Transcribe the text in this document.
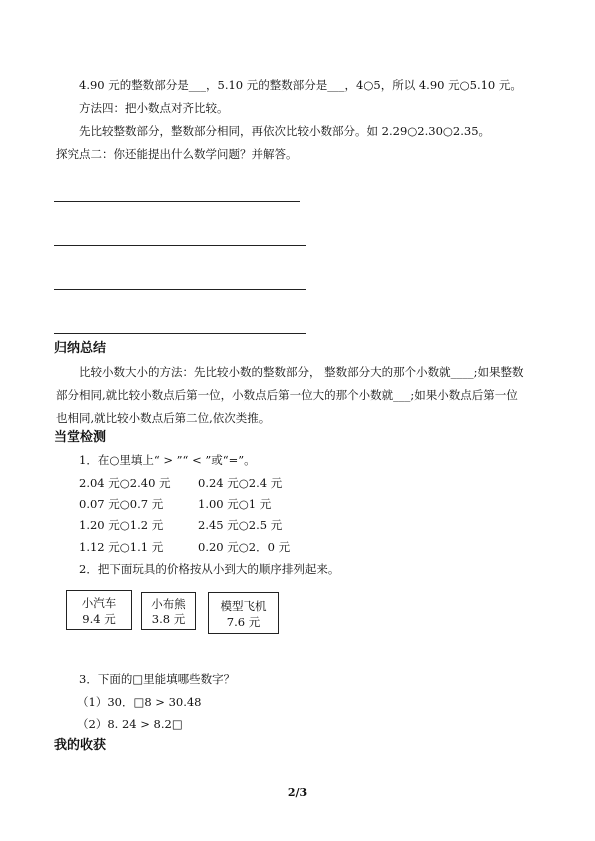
4.90 元的整数部分是___，5.10 元的整数部分是___，4○5，所以 4.90 元○5.10 元。
方法四：把小数点对齐比较。
先比较整数部分，整数部分相同，再依次比较小数部分。如 2.29○2.30○2.35。
探究点二：你还能提出什么数学问题？并解答。
归纳总结
比较小数大小的方法：先比较小数的整数部分， 整数部分大的那个小数就____;如果整数
部分相同,就比较小数点后第一位，小数点后第一位大的那个小数就___;如果小数点后第一位
也相同,就比较小数点后第二位,依次类推。
当堂检测
1．在○里填上“ > ”“ < ”或“=”。
2.04 元○2.40 元 0.24 元○2.4 元
0.07 元○0.7 元	1.00 元○1 元
1.20 元○1.2 元	2.45 元○2.5 元
1.12 元○1.1 元	0.20 元○2．0 元
2．把下面玩具的价格按从小到大的顺序排列起来。
小汽车
9.4 元
小布熊
3.8 元
模型飞机
7.6 元
3．下面的□里能填哪些数字？
（1）30．□8 > 30.48
（2）8. 24 > 8.2□
我的收获
2/3
